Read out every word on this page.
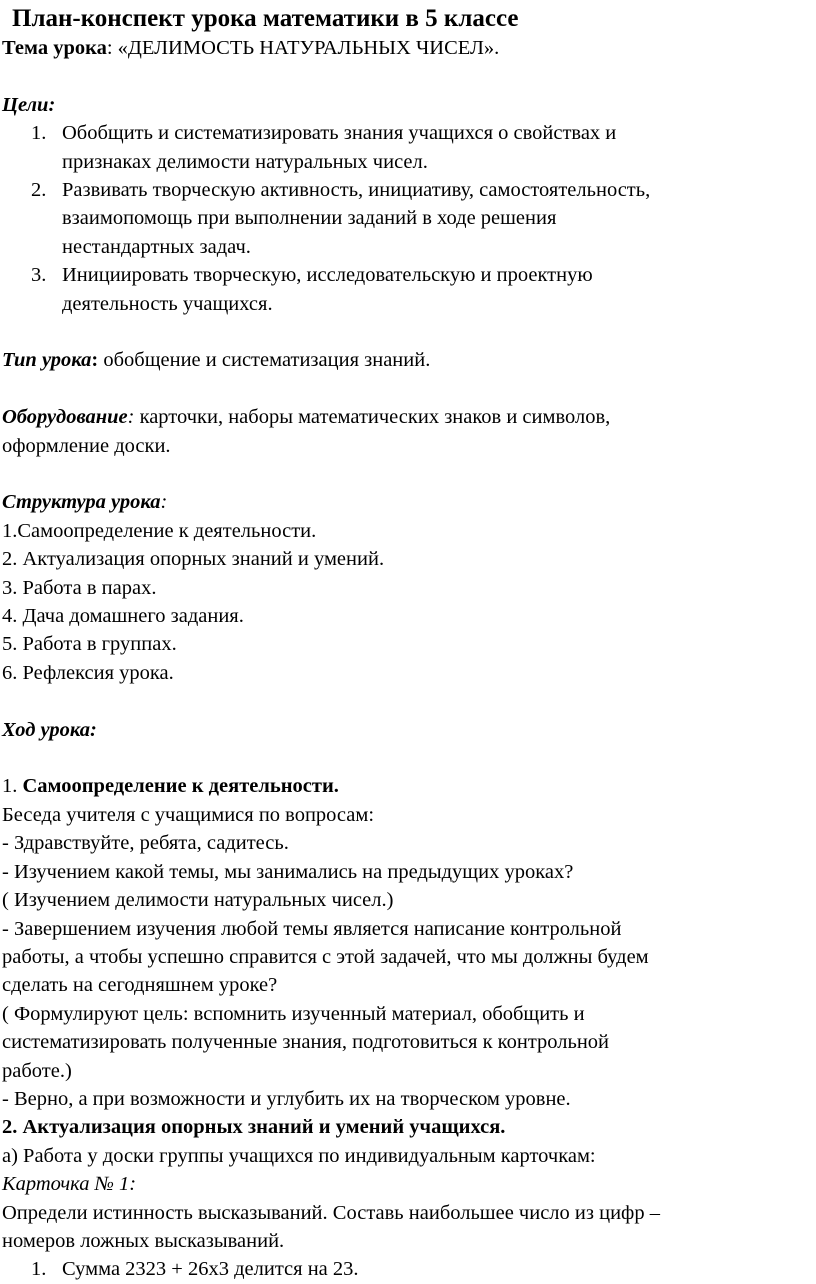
План-конспект урока математики в 5 классе
Тема урока: «ДЕЛИМОСТЬ НАТУРАЛЬНЫХ ЧИСЕЛ».
Цели:
1. Обобщить и систематизировать знания учащихся о свойствах и
признаках делимости натуральных чисел.
2. Развивать творческую активность, инициативу, самостоятельность,
взаимопомощь при выполнении заданий в ходе решения
нестандартных задач.
3. Инициировать творческую, исследовательскую и проектную
деятельность учащихся.
Тип урока: обобщение и систематизация знаний.
Оборудование: карточки, наборы математических знаков и символов,
оформление доски.
Структура урока:
1.Самоопределение к деятельности.
2. Актуализация опорных знаний и умений.
3. Работа в парах.
4. Дача домашнего задания.
5. Работа в группах.
6. Рефлексия урока.
Ход урока:
1. Самоопределение к деятельности.
Беседа учителя с учащимися по вопросам:
- Здравствуйте, ребята, садитесь.
- Изучением какой темы, мы занимались на предыдущих уроках?
( Изучением делимости натуральных чисел.)
- Завершением изучения любой темы является написание контрольной
работы, а чтобы успешно справится с этой задачей, что мы должны будем
сделать на сегодняшнем уроке?
( Формулируют цель: вспомнить изученный материал, обобщить и
систематизировать полученные знания, подготовиться к контрольной
работе.)
- Верно, а при возможности и углубить их на творческом уровне.
2. Актуализация опорных знаний и умений учащихся.
а) Работа у доски группы учащихся по индивидуальным карточкам:
Карточка № 1:
Определи истинность высказываний. Составь наибольшее число из цифр –
номеров ложных высказываний.
1. Сумма 2323 + 26х3 делится на 23.
